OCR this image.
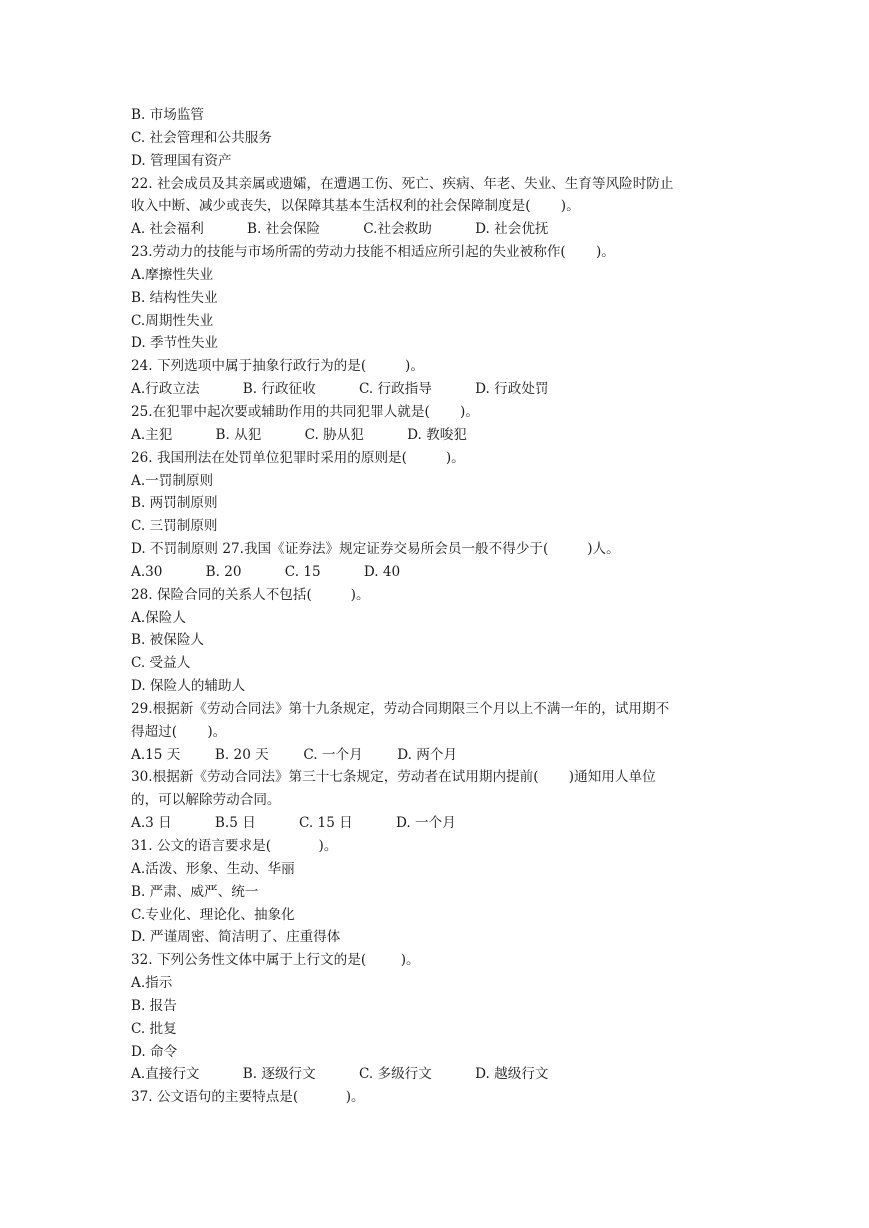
B. 市场监管
C. 社会管理和公共服务
D. 管理国有资产
22. 社会成员及其亲属或遗孀，在遭遇工伤、死亡、疾病、年老、失业、生育等风险时防止
收入中断、减少或丧失，以保障其基本生活权利的社会保障制度是(       )。
A. 社会福利          B. 社会保险          C.社会救助          D. 社会优抚
23.劳动力的技能与市场所需的劳动力技能不相适应所引起的失业被称作(       )。
A.摩擦性失业
B. 结构性失业
C.周期性失业
D. 季节性失业
24. 下列选项中属于抽象行政行为的是(         )。
A.行政立法          B. 行政征收          C. 行政指导          D. 行政处罚
25.在犯罪中起次要或辅助作用的共同犯罪人就是(       )。
A.主犯          B. 从犯          C. 胁从犯          D. 教唆犯
26. 我国刑法在处罚单位犯罪时采用的原则是(         )。
A.一罚制原则
B. 两罚制原则
C. 三罚制原则
D. 不罚制原则 27.我国《证券法》规定证券交易所会员一般不得少于(         )人。
A.30          B. 20          C. 15          D. 40
28. 保险合同的关系人不包括(         )。
A.保险人
B. 被保险人
C. 受益人
D. 保险人的辅助人
29.根据新《劳动合同法》第十九条规定，劳动合同期限三个月以上不满一年的，试用期不
得超过(       )。
A.15 天        B. 20 天        C. 一个月        D. 两个月
30.根据新《劳动合同法》第三十七条规定，劳动者在试用期内提前(       )通知用人单位
的，可以解除劳动合同。
A.3 日          B.5 日          C. 15 日          D. 一个月
31. 公文的语言要求是(           )。
A.活泼、形象、生动、华丽
B. 严肃、威严、统一
C.专业化、理论化、抽象化
D. 严谨周密、简洁明了、庄重得体
32. 下列公务性文体中属于上行文的是(        )。
A.指示
B. 报告
C. 批复
D. 命令
A.直接行文          B. 逐级行文          C. 多级行文          D. 越级行文
37. 公文语句的主要特点是(           )。
